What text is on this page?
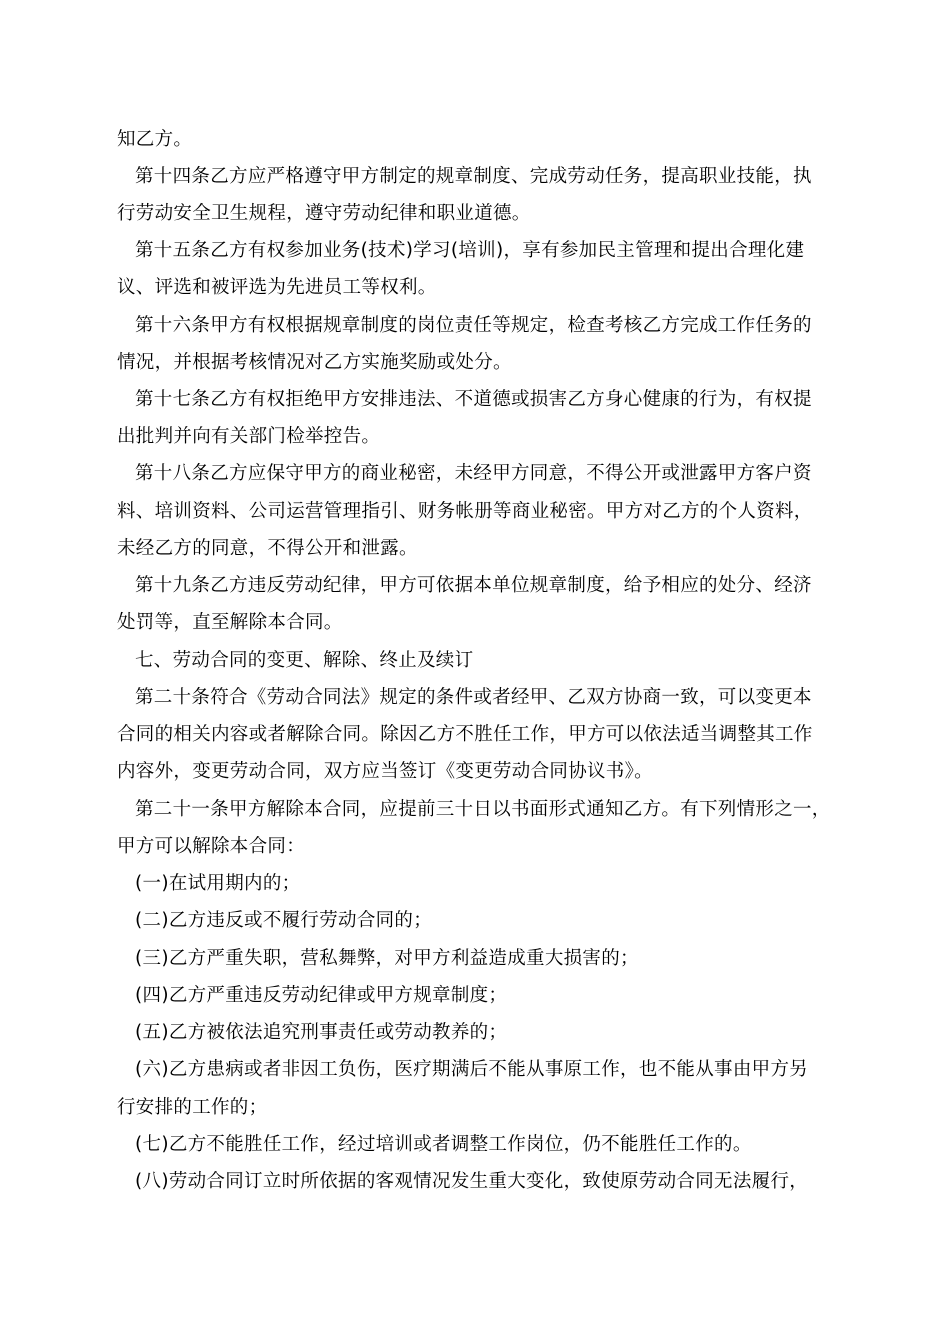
知乙方。
第十四条乙方应严格遵守甲方制定的规章制度、完成劳动任务，提高职业技能，执
行劳动安全卫生规程，遵守劳动纪律和职业道德。
第十五条乙方有权参加业务(技术)学习(培训)，享有参加民主管理和提出合理化建
议、评选和被评选为先进员工等权利。
第十六条甲方有权根据规章制度的岗位责任等规定，检查考核乙方完成工作任务的
情况，并根据考核情况对乙方实施奖励或处分。
第十七条乙方有权拒绝甲方安排违法、不道德或损害乙方身心健康的行为，有权提
出批判并向有关部门检举控告。
第十八条乙方应保守甲方的商业秘密，未经甲方同意，不得公开或泄露甲方客户资
料、培训资料、公司运营管理指引、财务帐册等商业秘密。甲方对乙方的个人资料，
未经乙方的同意，不得公开和泄露。
第十九条乙方违反劳动纪律，甲方可依据本单位规章制度，给予相应的处分、经济
处罚等，直至解除本合同。
七、劳动合同的变更、解除、终止及续订
第二十条符合《劳动合同法》规定的条件或者经甲、乙双方协商一致，可以变更本
合同的相关内容或者解除合同。除因乙方不胜任工作，甲方可以依法适当调整其工作
内容外，变更劳动合同，双方应当签订《变更劳动合同协议书》。
第二十一条甲方解除本合同，应提前三十日以书面形式通知乙方。有下列情形之一，
甲方可以解除本合同：
(一)在试用期内的；
(二)乙方违反或不履行劳动合同的；
(三)乙方严重失职，营私舞弊，对甲方利益造成重大损害的；
(四)乙方严重违反劳动纪律或甲方规章制度；
(五)乙方被依法追究刑事责任或劳动教养的；
(六)乙方患病或者非因工负伤，医疗期满后不能从事原工作，也不能从事由甲方另
行安排的工作的；
(七)乙方不能胜任工作，经过培训或者调整工作岗位，仍不能胜任工作的。
(八)劳动合同订立时所依据的客观情况发生重大变化，致使原劳动合同无法履行，
